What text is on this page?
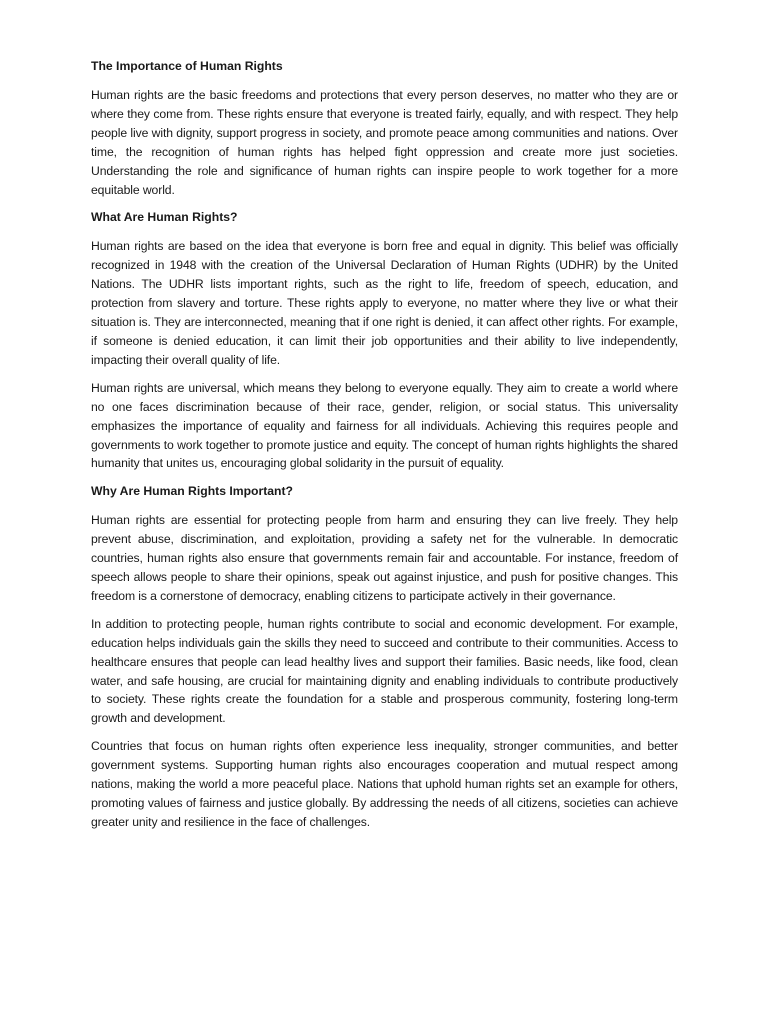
The Importance of Human Rights

Human rights are the basic freedoms and protections that every person deserves, no matter who they are or where they come from. These rights ensure that everyone is treated fairly, equally, and with respect. They help people live with dignity, support progress in society, and promote peace among communities and nations. Over time, the recognition of human rights has helped fight oppression and create more just societies. Understanding the role and significance of human rights can inspire people to work together for a more equitable world.

What Are Human Rights?

Human rights are based on the idea that everyone is born free and equal in dignity. This belief was officially recognized in 1948 with the creation of the Universal Declaration of Human Rights (UDHR) by the United Nations. The UDHR lists important rights, such as the right to life, freedom of speech, education, and protection from slavery and torture. These rights apply to everyone, no matter where they live or what their situation is. They are interconnected, meaning that if one right is denied, it can affect other rights. For example, if someone is denied education, it can limit their job opportunities and their ability to live independently, impacting their overall quality of life.

Human rights are universal, which means they belong to everyone equally. They aim to create a world where no one faces discrimination because of their race, gender, religion, or social status. This universality emphasizes the importance of equality and fairness for all individuals. Achieving this requires people and governments to work together to promote justice and equity. The concept of human rights highlights the shared humanity that unites us, encouraging global solidarity in the pursuit of equality.

Why Are Human Rights Important?

Human rights are essential for protecting people from harm and ensuring they can live freely. They help prevent abuse, discrimination, and exploitation, providing a safety net for the vulnerable. In democratic countries, human rights also ensure that governments remain fair and accountable. For instance, freedom of speech allows people to share their opinions, speak out against injustice, and push for positive changes. This freedom is a cornerstone of democracy, enabling citizens to participate actively in their governance.

In addition to protecting people, human rights contribute to social and economic development. For example, education helps individuals gain the skills they need to succeed and contribute to their communities. Access to healthcare ensures that people can lead healthy lives and support their families. Basic needs, like food, clean water, and safe housing, are crucial for maintaining dignity and enabling individuals to contribute productively to society. These rights create the foundation for a stable and prosperous community, fostering long-term growth and development.

Countries that focus on human rights often experience less inequality, stronger communities, and better government systems. Supporting human rights also encourages cooperation and mutual respect among nations, making the world a more peaceful place. Nations that uphold human rights set an example for others, promoting values of fairness and justice globally. By addressing the needs of all citizens, societies can achieve greater unity and resilience in the face of challenges.
